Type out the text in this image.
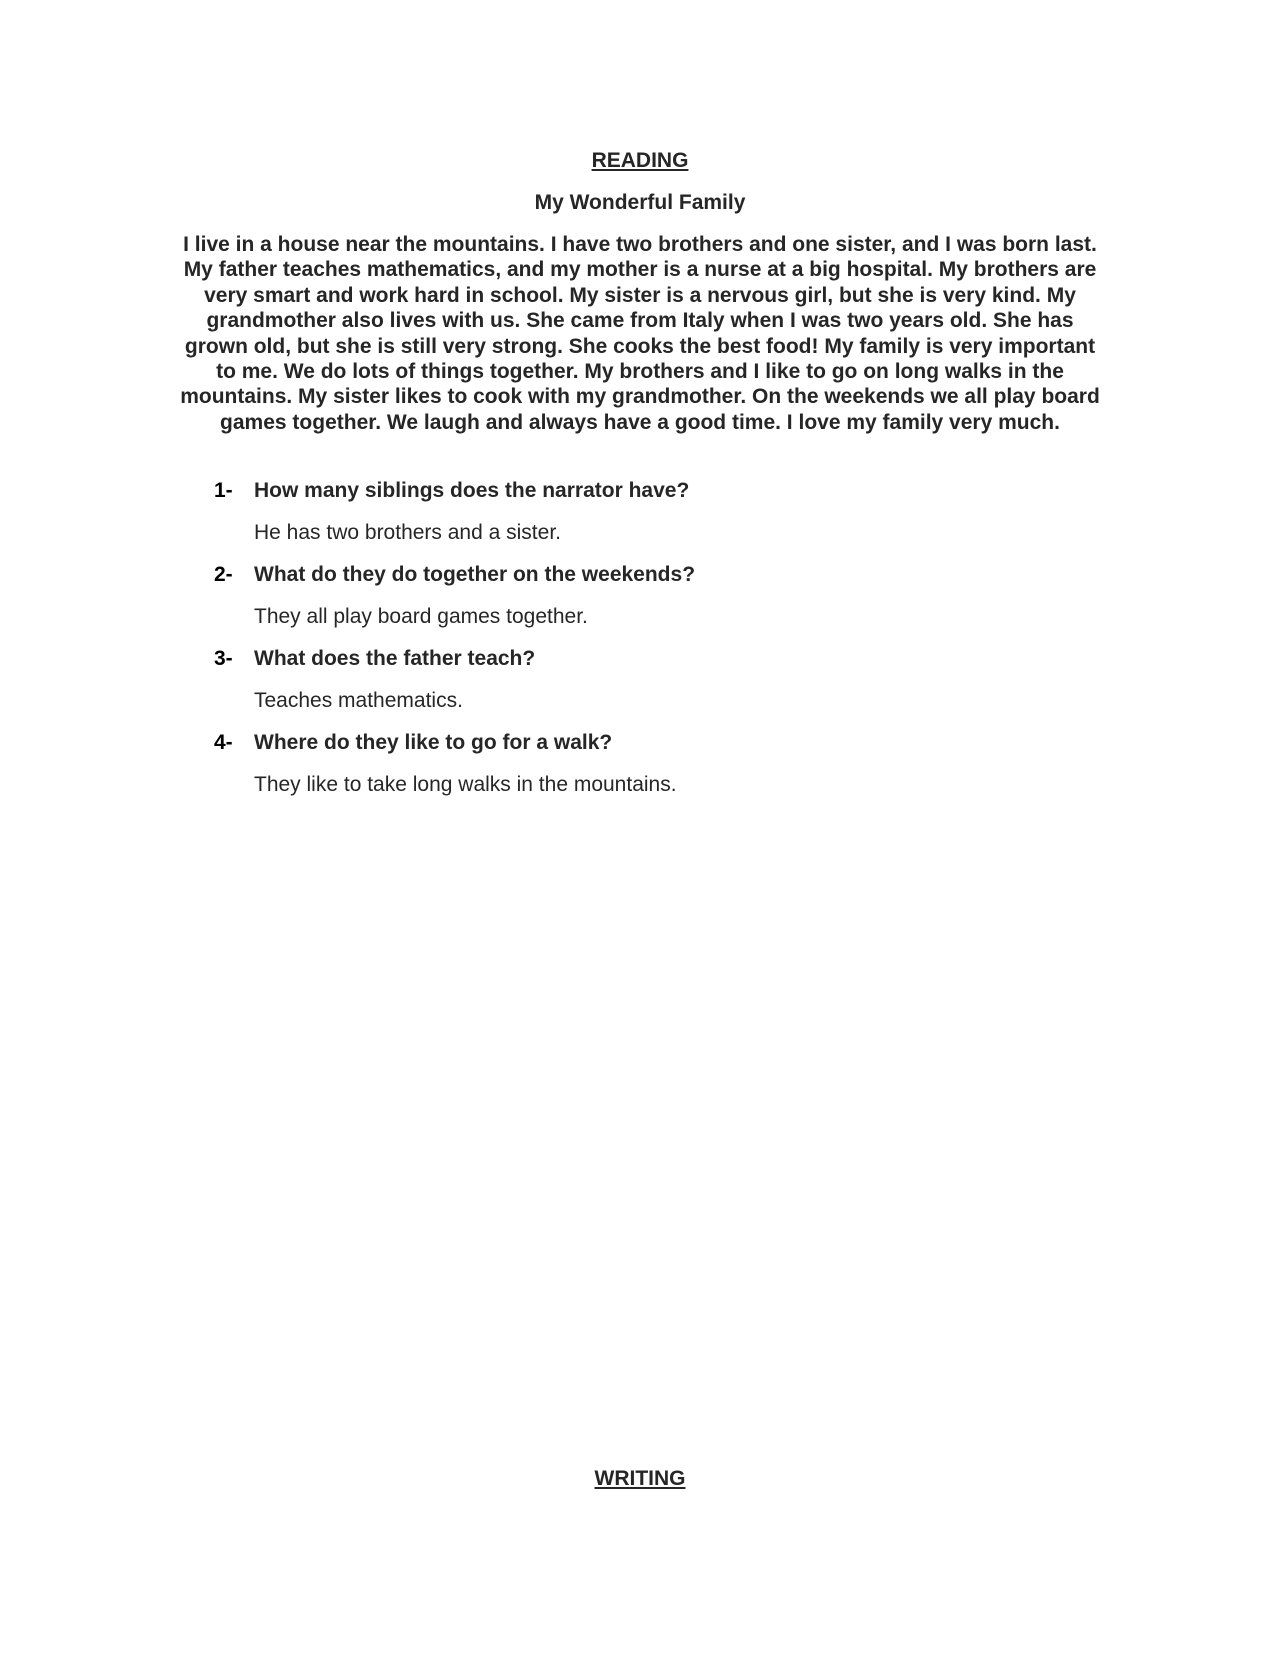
READING
My Wonderful Family

I live in a house near the mountains. I have two brothers and one sister, and I was born last. My father teaches mathematics, and my mother is a nurse at a big hospital. My brothers are very smart and work hard in school. My sister is a nervous girl, but she is very kind. My grandmother also lives with us. She came from Italy when I was two years old. She has grown old, but she is still very strong. She cooks the best food! My family is very important to me. We do lots of things together. My brothers and I like to go on long walks in the mountains. My sister likes to cook with my grandmother. On the weekends we all play board games together. We laugh and always have a good time. I love my family very much.

1-	How many siblings does the narrator have?
He has two brothers and a sister.
2-	What do they do together on the weekends?
They all play board games together.
3-	What does the father teach?
Teaches mathematics.
4-	Where do they like to go for a walk?
They like to take long walks in the mountains.
WRITING
